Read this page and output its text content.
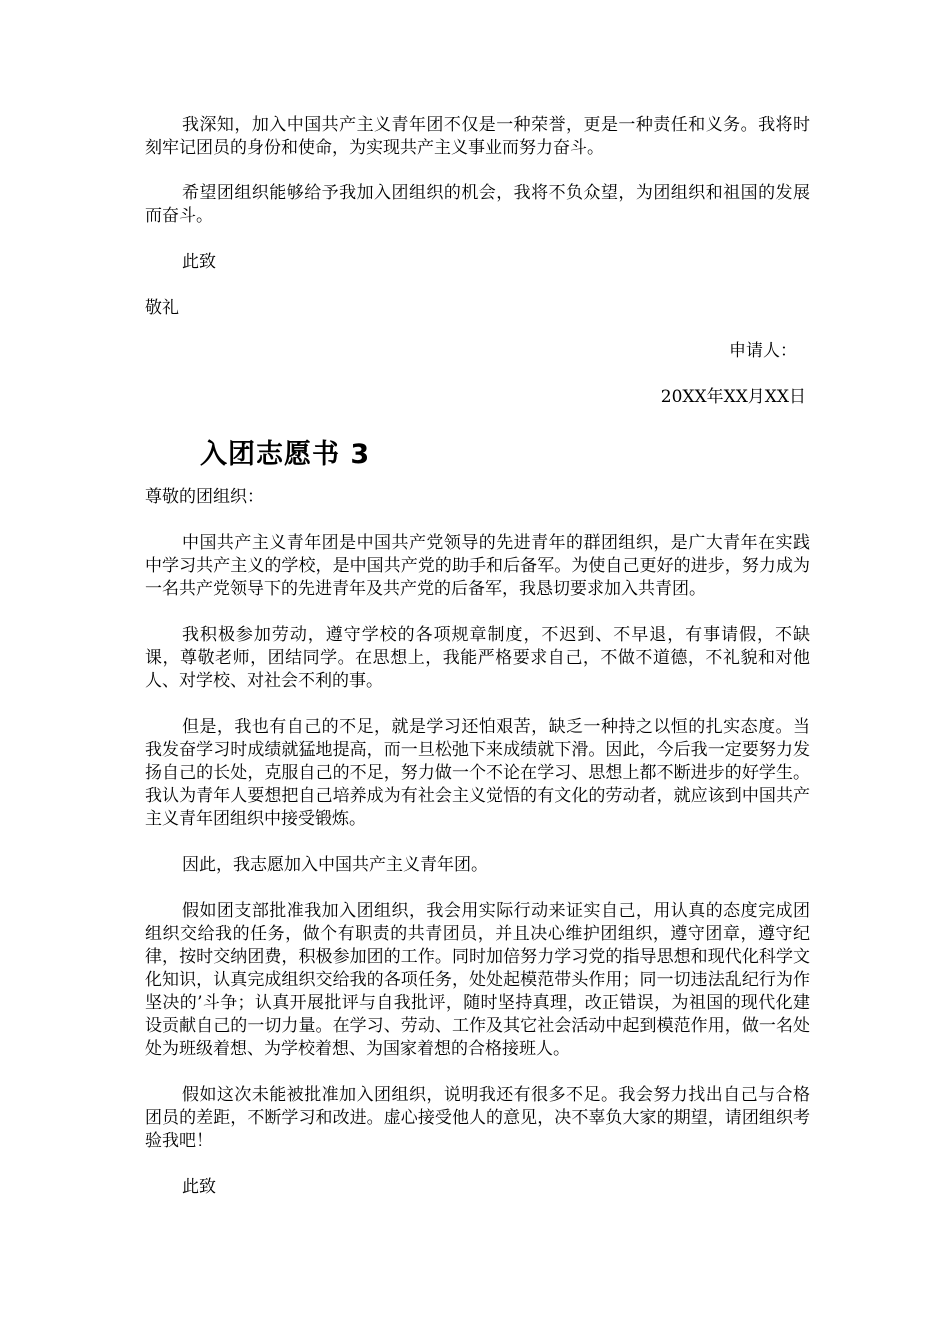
我深知，加入中国共产主义青年团不仅是一种荣誉，更是一种责任和义务。我将时刻牢记团员的身份和使命，为实现共产主义事业而努力奋斗。

希望团组织能够给予我加入团组织的机会，我将不负众望，为团组织和祖国的发展而奋斗。

此致

敬礼

申请人：

20XX年XX月XX日

入团志愿书 3

尊敬的团组织：

中国共产主义青年团是中国共产党领导的先进青年的群团组织，是广大青年在实践中学习共产主义的学校，是中国共产党的助手和后备军。为使自己更好的进步，努力成为一名共产党领导下的先进青年及共产党的后备军，我恳切要求加入共青团。

我积极参加劳动，遵守学校的各项规章制度，不迟到、不早退，有事请假，不缺课，尊敬老师，团结同学。在思想上，我能严格要求自己，不做不道德，不礼貌和对他人、对学校、对社会不利的事。

但是，我也有自己的不足，就是学习还怕艰苦，缺乏一种持之以恒的扎实态度。当我发奋学习时成绩就猛地提高，而一旦松弛下来成绩就下滑。因此，今后我一定要努力发扬自己的长处，克服自己的不足，努力做一个不论在学习、思想上都不断进步的好学生。我认为青年人要想把自己培养成为有社会主义觉悟的有文化的劳动者，就应该到中国共产主义青年团组织中接受锻炼。

因此，我志愿加入中国共产主义青年团。

假如团支部批准我加入团组织，我会用实际行动来证实自己，用认真的态度完成团组织交给我的任务，做个有职责的共青团员，并且决心维护团组织，遵守团章，遵守纪律，按时交纳团费，积极参加团的工作。同时加倍努力学习党的指导思想和现代化科学文化知识，认真完成组织交给我的各项任务，处处起模范带头作用；同一切违法乱纪行为作坚决的’斗争；认真开展批评与自我批评，随时坚持真理，改正错误，为祖国的现代化建设贡献自己的一切力量。在学习、劳动、工作及其它社会活动中起到模范作用，做一名处处为班级着想、为学校着想、为国家着想的合格接班人。

假如这次未能被批准加入团组织，说明我还有很多不足。我会努力找出自己与合格团员的差距，不断学习和改进。虚心接受他人的意见，决不辜负大家的期望，请团组织考验我吧！

此致
